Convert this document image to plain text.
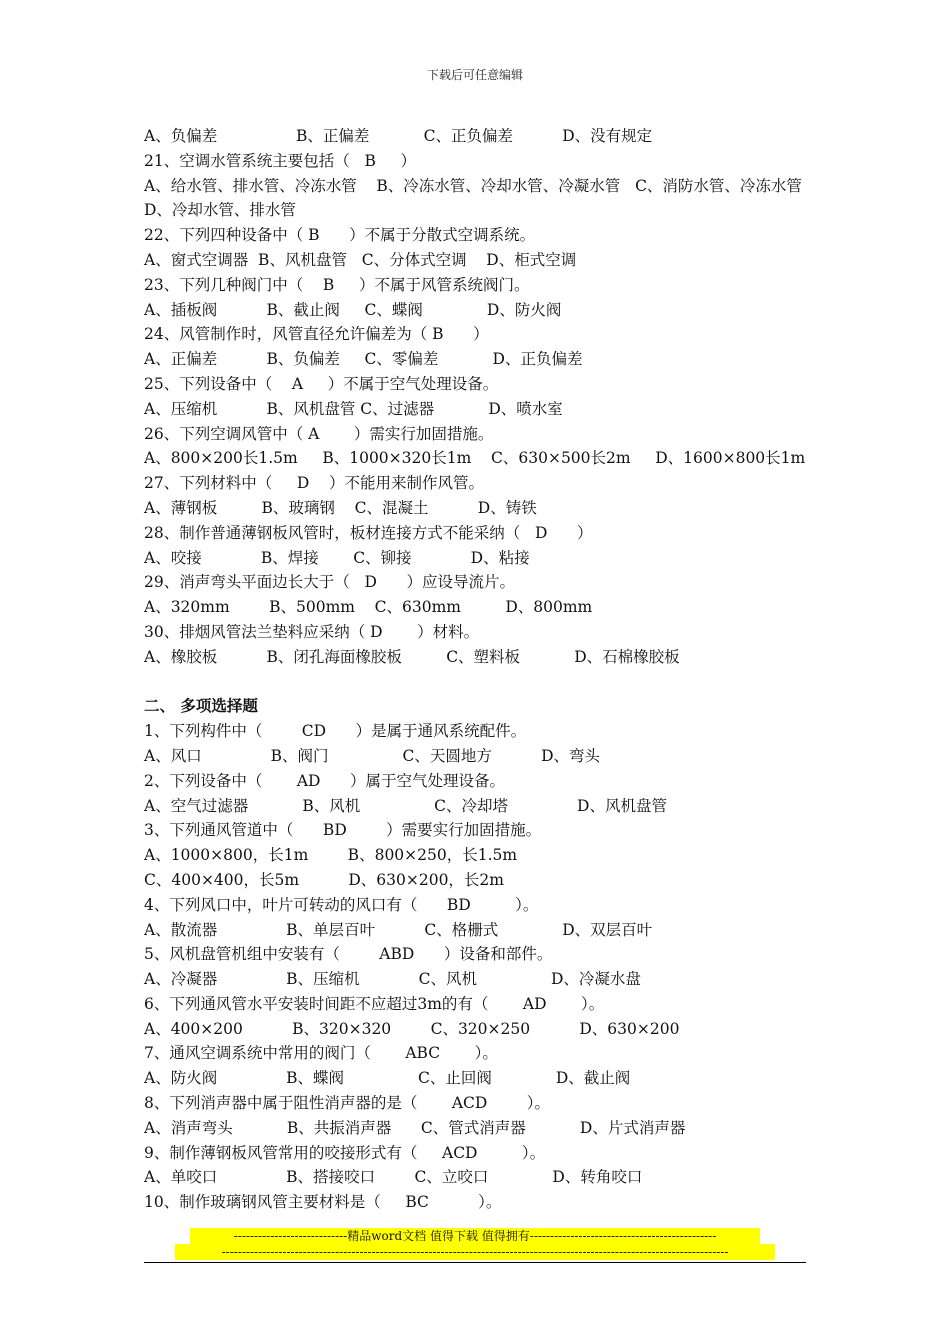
下载后可任意编辑
A、负偏差                B、正偏差           C、正负偏差          D、没有规定
21、空调水管系统主要包括（   B     ）
A、给水管、排水管、冷冻水管    B、冷冻水管、冷却水管、冷凝水管   C、消防水管、冷冻水管     D、冷却水管、排水管
22、下列四种设备中（ B      ）不属于分散式空调系统。
A、窗式空调器  B、风机盘管   C、分体式空调    D、柜式空调
23、下列几种阀门中（    B     ）不属于风管系统阀门。
A、插板阀          B、截止阀     C、蝶阀             D、防火阀
24、风管制作时，风管直径允许偏差为（ B      ）
A、正偏差          B、负偏差     C、零偏差           D、正负偏差
25、下列设备中（    A     ）不属于空气处理设备。
A、压缩机          B、风机盘管 C、过滤器           D、喷水室
26、下列空调风管中（ A       ）需实行加固措施。
A、800×200长1.5m     B、1000×320长1m    C、630×500长2m     D、1600×800长1m
27、下列材料中（     D    ）不能用来制作风管。
A、薄钢板         B、玻璃钢    C、混凝土          D、铸铁
28、制作普通薄钢板风管时，板材连接方式不能采纳（   D      ）
A、咬接            B、焊接       C、铆接            D、粘接
29、消声弯头平面边长大于（   D      ）应设导流片。
A、320mm        B、500mm    C、630mm         D、800mm
30、排烟风管法兰垫料应采纳（ D       ）材料。
A、橡胶板          B、闭孔海面橡胶板         C、塑料板           D、石棉橡胶板
二、 多项选择题
1、下列构件中（        CD      ）是属于通风系统配件。
A、风口              B、阀门               C、天圆地方          D、弯头
2、下列设备中（       AD      ）属于空气处理设备。
A、空气过滤器           B、风机               C、冷却塔              D、风机盘管
3、下列通风管道中（      BD        ）需要实行加固措施。
A、1000×800，长1m        B、800×250，长1.5m
C、400×400，长5m          D、630×200，长2m
4、下列风口中，叶片可转动的风口有（      BD         ）。
A、散流器              B、单层百叶          C、格栅式             D、双层百叶
5、风机盘管机组中安装有（        ABD      ）设备和部件。
A、冷凝器              B、压缩机            C、风机               D、冷凝水盘
6、下列通风管水平安装时间距不应超过3m的有（       AD       ）。
A、400×200          B、320×320        C、320×250          D、630×200
7、通风空调系统中常用的阀门（       ABC       ）。
A、防火阀              B、蝶阀               C、止回阀             D、截止阀
8、下列消声器中属于阻性消声器的是（       ACD        ）。
A、消声弯头           B、共振消声器      C、管式消声器           D、片式消声器
9、制作薄钢板风管常用的咬接形式有（     ACD         ）。
A、单咬口              B、搭接咬口        C、立咬口             D、转角咬口
10、制作玻璃钢风管主要材料是（     BC          ）。
----------------------------精品word文档 值得下载 值得拥有----------------------------------------------
-----------------------------------------------------------------------------------------------------------------------------
